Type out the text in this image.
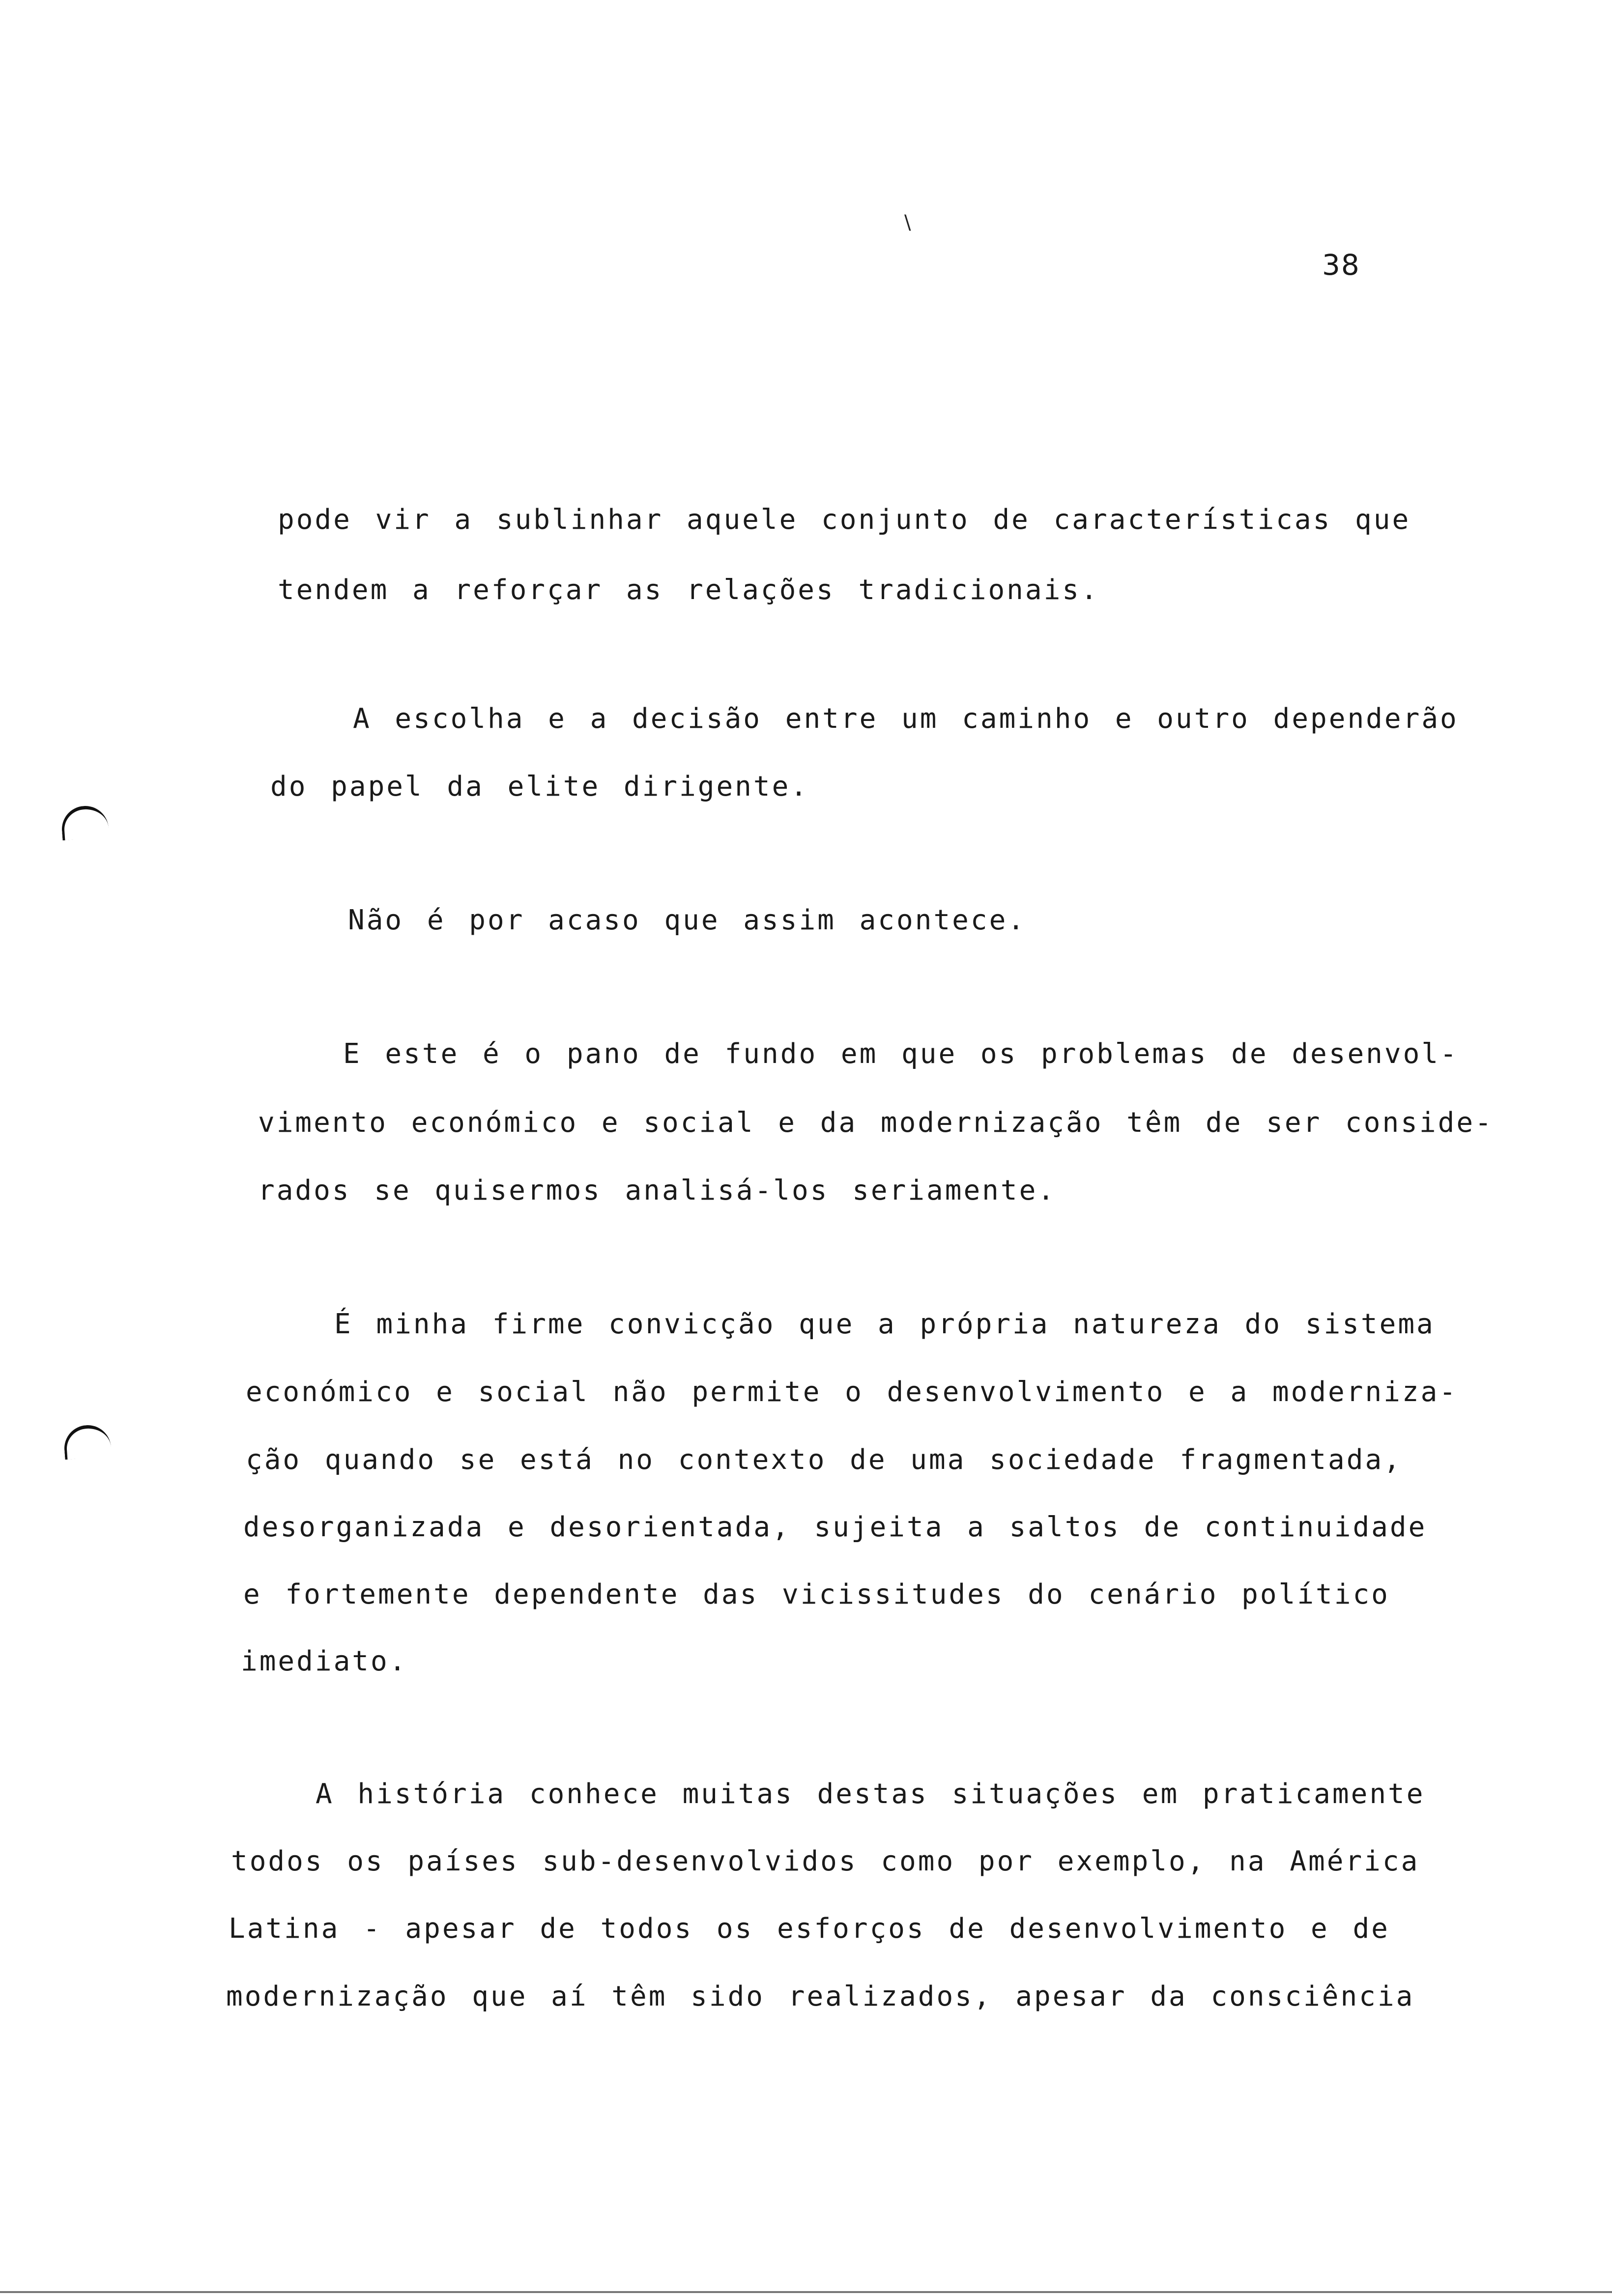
38
\
pode vir a sublinhar aquele conjunto de características que
tendem a reforçar as relações tradicionais.
A escolha e a decisão entre um caminho e outro dependerão
do papel da elite dirigente.
Não é por acaso que assim acontece.
E este é o pano de fundo em que os problemas de desenvol-
vimento económico e social e da modernização têm de ser conside-
rados se quisermos analisá-los seriamente.
É minha firme convicção que a própria natureza do sistema
económico e social não permite o desenvolvimento e a moderniza-
ção quando se está no contexto de uma sociedade fragmentada,
desorganizada e desorientada, sujeita a saltos de continuidade
e fortemente dependente das vicissitudes do cenário político
imediato.
A história conhece muitas destas situações em praticamente
todos os países sub-desenvolvidos como por exemplo, na América
Latina - apesar de todos os esforços de desenvolvimento e de
modernização que aí têm sido realizados, apesar da consciência
